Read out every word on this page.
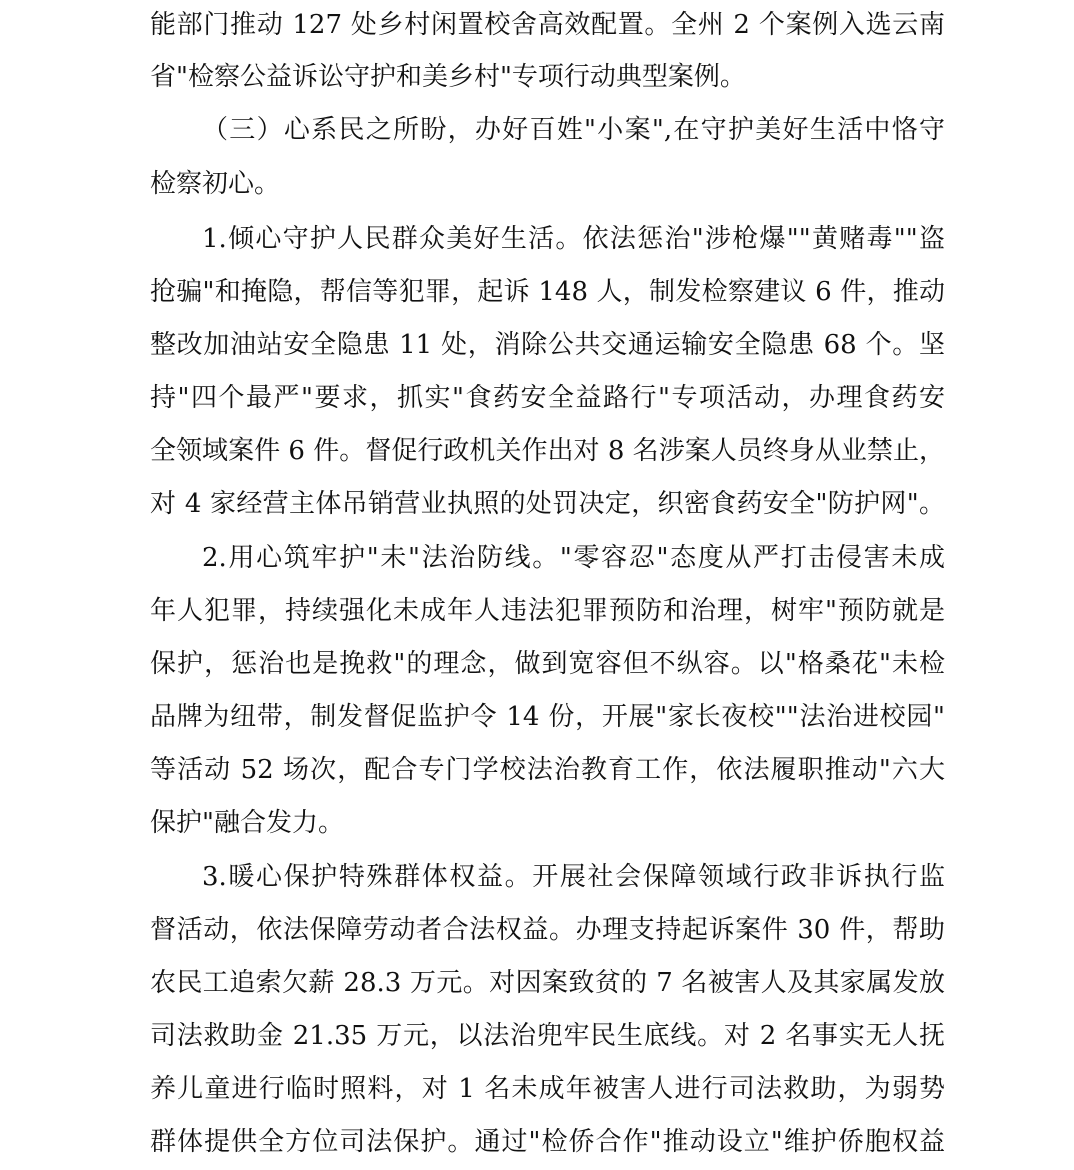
能部门推动 127 处乡村闲置校舍高效配置。全州 2 个案例入选云南
省"检察公益诉讼守护和美乡村"专项行动典型案例。
（三）心系民之所盼，办好百姓"小案",在守护美好生活中恪守
检察初心。
1.倾心守护人民群众美好生活。依法惩治"涉枪爆""黄赌毒""盗
抢骗"和掩隐，帮信等犯罪，起诉 148 人，制发检察建议 6 件，推动
整改加油站安全隐患 11 处，消除公共交通运输安全隐患 68 个。坚
持"四个最严"要求，抓实"食药安全益路行"专项活动，办理食药安
全领域案件 6 件。督促行政机关作出对 8 名涉案人员终身从业禁止，
对 4 家经营主体吊销营业执照的处罚决定，织密食药安全"防护网"。
2.用心筑牢护"未"法治防线。"零容忍"态度从严打击侵害未成
年人犯罪，持续强化未成年人违法犯罪预防和治理，树牢"预防就是
保护，惩治也是挽救"的理念，做到宽容但不纵容。以"格桑花"未检
品牌为纽带，制发督促监护令 14 份，开展"家长夜校""法治进校园"
等活动 52 场次，配合专门学校法治教育工作，依法履职推动"六大
保护"融合发力。
3.暖心保护特殊群体权益。开展社会保障领域行政非诉执行监
督活动，依法保障劳动者合法权益。办理支持起诉案件 30 件，帮助
农民工追索欠薪 28.3 万元。对因案致贫的 7 名被害人及其家属发放
司法救助金 21.35 万元，以法治兜牢民生底线。对 2 名事实无人抚
养儿童进行临时照料，对 1 名未成年被害人进行司法救助，为弱势
群体提供全方位司法保护。通过"检侨合作"推动设立"维护侨胞权益
